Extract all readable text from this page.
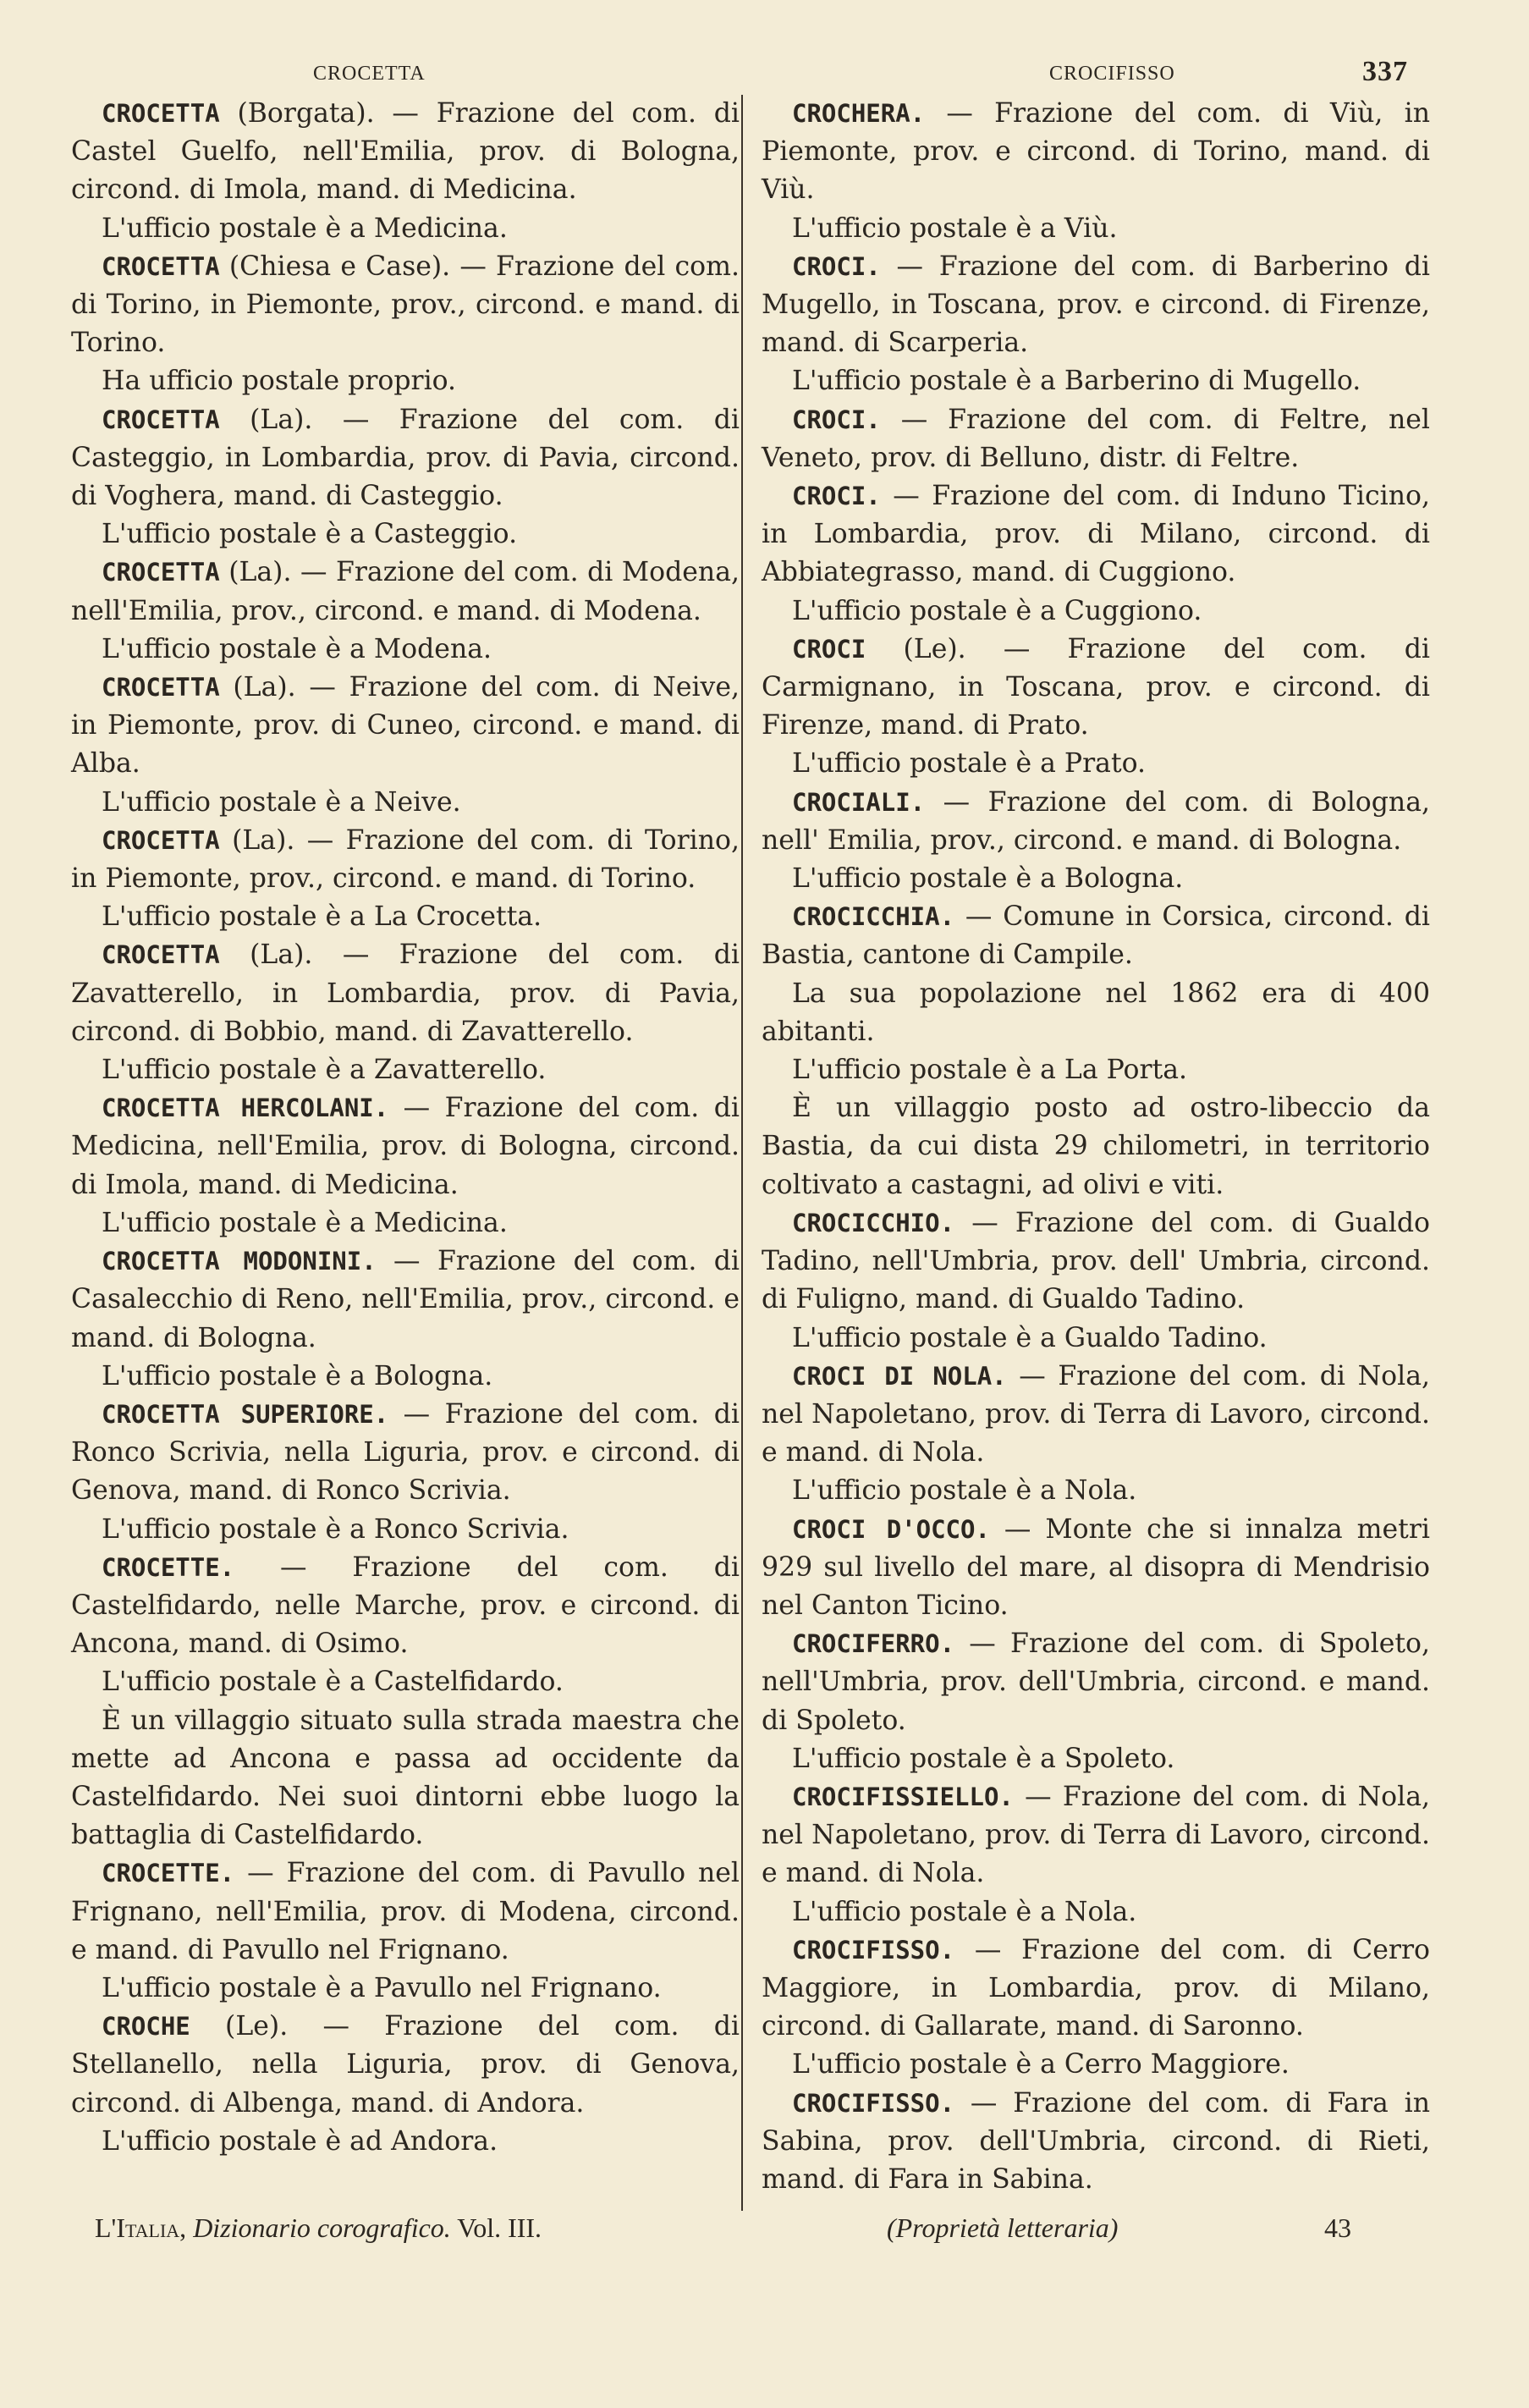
CROCETTA	CROCIFISSO	337

CROCETTA (Borgata). — Frazione del com. di Castel Guelfo, nell'Emilia, prov. di Bologna, circond. di Imola, mand. di Medicina.

L'ufficio postale è a Medicina.

CROCETTA (Chiesa e Case). — Frazione del com. di Torino, in Piemonte, prov., circond. e mand. di Torino.

Ha ufficio postale proprio.

CROCETTA (La). — Frazione del com. di Casteggio, in Lombardia, prov. di Pavia, circond. di Voghera, mand. di Casteggio.

L'ufficio postale è a Casteggio.

CROCETTA (La). — Frazione del com. di Modena, nell'Emilia, prov., circond. e mand. di Modena.

L'ufficio postale è a Modena.

CROCETTA (La). — Frazione del com. di Neive, in Piemonte, prov. di Cuneo, circond. e mand. di Alba.

L'ufficio postale è a Neive.

CROCETTA (La). — Frazione del com. di Torino, in Piemonte, prov., circond. e mand. di Torino.

L'ufficio postale è a La Crocetta.

CROCETTA (La). — Frazione del com. di Zavatterello, in Lombardia, prov. di Pavia, circond. di Bobbio, mand. di Zavatterello.

L'ufficio postale è a Zavatterello.

CROCETTA HERCOLANI. — Frazione del com. di Medicina, nell'Emilia, prov. di Bologna, circond. di Imola, mand. di Medicina.

L'ufficio postale è a Medicina.

CROCETTA MODONINI. — Frazione del com. di Casalecchio di Reno, nell'Emilia, prov., circond. e mand. di Bologna.

L'ufficio postale è a Bologna.

CROCETTA SUPERIORE. — Frazione del com. di Ronco Scrivia, nella Liguria, prov. e circond. di Genova, mand. di Ronco Scrivia.

L'ufficio postale è a Ronco Scrivia.

CROCETTE. — Frazione del com. di Castelfidardo, nelle Marche, prov. e circond. di Ancona, mand. di Osimo.

L'ufficio postale è a Castelfidardo.

È un villaggio situato sulla strada maestra che mette ad Ancona e passa ad occidente da Castelfidardo. Nei suoi dintorni ebbe luogo la battaglia di Castelfidardo.

CROCETTE. — Frazione del com. di Pavullo nel Frignano, nell'Emilia, prov. di Modena, circond. e mand. di Pavullo nel Frignano.

L'ufficio postale è a Pavullo nel Frignano.

CROCHE (Le). — Frazione del com. di Stellanello, nella Liguria, prov. di Genova, circond. di Albenga, mand. di Andora.

L'ufficio postale è ad Andora.

CROCHERA. — Frazione del com. di Viù, in Piemonte, prov. e circond. di Torino, mand. di Viù.

L'ufficio postale è a Viù.

CROCI. — Frazione del com. di Barberino di Mugello, in Toscana, prov. e circond. di Firenze, mand. di Scarperia.

L'ufficio postale è a Barberino di Mugello.

CROCI. — Frazione del com. di Feltre, nel Veneto, prov. di Belluno, distr. di Feltre.

CROCI. — Frazione del com. di Induno Ticino, in Lombardia, prov. di Milano, circond. di Abbiategrasso, mand. di Cuggiono.

L'ufficio postale è a Cuggiono.

CROCI (Le). — Frazione del com. di Carmignano, in Toscana, prov. e circond. di Firenze, mand. di Prato.

L'ufficio postale è a Prato.

CROCIALI. — Frazione del com. di Bologna, nell' Emilia, prov., circond. e mand. di Bologna.

L'ufficio postale è a Bologna.

CROCICCHIA. — Comune in Corsica, circond. di Bastia, cantone di Campile.

La sua popolazione nel 1862 era di 400 abitanti.

L'ufficio postale è a La Porta.

È un villaggio posto ad ostro-libeccio da Bastia, da cui dista 29 chilometri, in territorio coltivato a castagni, ad olivi e viti.

CROCICCHIO. — Frazione del com. di Gualdo Tadino, nell'Umbria, prov. dell' Umbria, circond. di Fuligno, mand. di Gualdo Tadino.

L'ufficio postale è a Gualdo Tadino.

CROCI DI NOLA. — Frazione del com. di Nola, nel Napoletano, prov. di Terra di Lavoro, circond. e mand. di Nola.

L'ufficio postale è a Nola.

CROCI D'OCCO. — Monte che si innalza metri 929 sul livello del mare, al disopra di Mendrisio nel Canton Ticino.

CROCIFERRO. — Frazione del com. di Spoleto, nell'Umbria, prov. dell'Umbria, circond. e mand. di Spoleto.

L'ufficio postale è a Spoleto.

CROCIFISSIELLO. — Frazione del com. di Nola, nel Napoletano, prov. di Terra di Lavoro, circond. e mand. di Nola.

L'ufficio postale è a Nola.

CROCIFISSO. — Frazione del com. di Cerro Maggiore, in Lombardia, prov. di Milano, circond. di Gallarate, mand. di Saronno.

L'ufficio postale è a Cerro Maggiore.

CROCIFISSO. — Frazione del com. di Fara in Sabina, prov. dell'Umbria, circond. di Rieti, mand. di Fara in Sabina.

L'Italia, Dizionario corografico. Vol. III.	(Proprietà letteraria)	43
